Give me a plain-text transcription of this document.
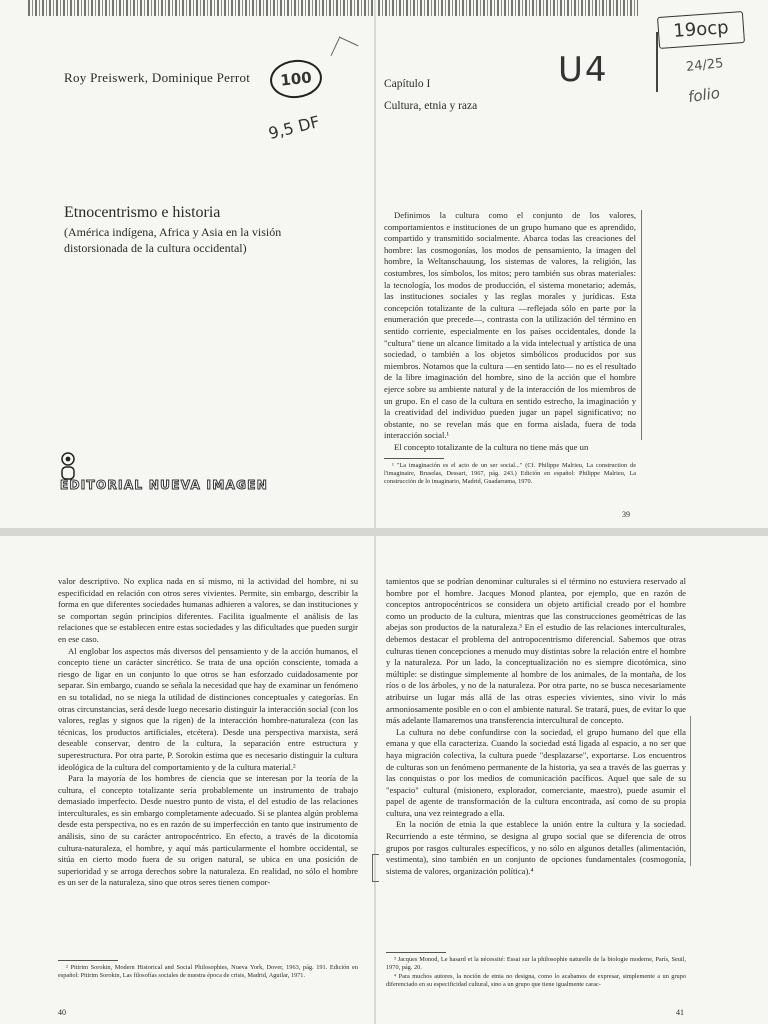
19ocp
24/25
folio
Roy Preiswerk, Dominique Perrot	100
9,5 DF
Etnocentrismo e historia
(América indígena, Africa y Asia en la visión distorsionada de la cultura occidental)
EDITORIAL NUEVA IMAGEN
U4
Capítulo I
Cultura, etnia y raza

Definimos la cultura como el conjunto de los valores, comportamientos e instituciones de un grupo humano que es aprendido, compartido y transmitido socialmente. Abarca todas las creaciones del hombre: las cosmogonías, los modos de pensamiento, la imagen del hombre, la Weltanschauung, los sistemas de valores, la religión, las costumbres, los símbolos, los mitos; pero también sus obras materiales: la tecnología, los modos de producción, el sistema monetario; además, las instituciones sociales y las reglas morales y jurídicas. Esta concepción totalizante de la cultura —reflejada sólo en parte por la enumeración que precede—, contrasta con la utilización del término en sentido corriente, especialmente en los países occidentales, donde la "cultura" tiene un alcance limitado a la vida intelectual y artística de una sociedad, o también a los objetos simbólicos producidos por sus miembros. Notamos que la cultura —en sentido lato— no es el resultado de la libre imaginación del hombre, sino de la acción que el hombre ejerce sobre su ambiente natural y de la interacción de los miembros de un grupo. En el caso de la cultura en sentido estrecho, la imaginación y la creatividad del individuo pueden jugar un papel significativo; no obstante, no se revelan más que en forma aislada, fuera de toda interacción social.¹

El concepto totalizante de la cultura no tiene más que un

¹ "La imaginación es el acto de un ser social..." (Cf. Philippe Malrieu, La construction de l'imaginaire, Bruselas, Dessart, 1967, pág. 243.) Edición en español: Philippe Malrieu, La construcción de lo imaginario, Madrid, Guadarrama, 1970.

39

valor descriptivo. No explica nada en sí mismo, ni la actividad del hombre, ni su especificidad en relación con otros seres vivientes. Permite, sin embargo, describir la forma en que diferentes sociedades humanas adhieren a valores, se dan instituciones y se comportan según principios diferentes. Facilita igualmente el análisis de las relaciones que se establecen entre estas sociedades y las dificultades que pueden surgir en ese caso.

Al englobar los aspectos más diversos del pensamiento y de la acción humanos, el concepto tiene un carácter sincrético. Se trata de una opción consciente, tomada a riesgo de ligar en un conjunto lo que otros se han esforzado cuidadosamente por separar. Sin embargo, cuando se señala la necesidad que hay de examinar un fenómeno en su totalidad, no se niega la utilidad de distinciones conceptuales y categorías. En otras circunstancias, será desde luego necesario distinguir la interacción social (con los valores, reglas y signos que la rigen) de la interacción hombre-naturaleza (con las técnicas, los productos artificiales, etcétera). Desde una perspectiva marxista, será deseable conservar, dentro de la cultura, la separación entre estructura y superestructura. Por otra parte, P. Sorokin estima que es necesario distinguir la cultura ideológica de la cultura del comportamiento y de la cultura material.²

Para la mayoría de los hombres de ciencia que se interesan por la teoría de la cultura, el concepto totalizante sería probablemente un instrumento de trabajo demasiado imperfecto. Desde nuestro punto de vista, el del estudio de las relaciones interculturales, es sin embargo completamente adecuado. Si se plantea algún problema desde esta perspectiva, no es en razón de su imperfección en tanto que instrumento de análisis, sino de su carácter antropocéntrico. En efecto, a través de la dicotomía cultura-naturaleza, el hombre, y aquí más particularmente el hombre occidental, se sitúa en cierto modo fuera de su origen natural, se ubica en una posición de superioridad y se arroga derechos sobre la naturaleza. En realidad, no sólo el hombre es un ser de la naturaleza, sino que otros seres tienen compor-

² Pitirim Sorokin, Modern Historical and Social Philosophies, Nueva York, Dover, 1963, pág. 191. Edición en español: Pitirim Sorokin, Las filosofías sociales de nuestra época de crisis, Madrid, Aguilar, 1971.

40

tamientos que se podrían denominar culturales si el término no estuviera reservado al hombre por el hombre. Jacques Monod plantea, por ejemplo, que en razón de conceptos antropocéntricos se considera un objeto artificial creado por el hombre como un producto de la cultura, mientras que las construcciones geométricas de las abejas son productos de la naturaleza.³ En el estudio de las relaciones interculturales, debemos destacar el problema del antropocentrismo diferencial. Sabemos que otras culturas tienen concepciones a menudo muy distintas sobre la relación entre el hombre y la naturaleza. Por un lado, la conceptualización no es siempre dicotómica, sino múltiple: se distingue simplemente al hombre de los animales, de la montaña, de los ríos o de los árboles, y no de la naturaleza. Por otra parte, no se busca necesariamente atribuirse un lugar más allá de las otras especies vivientes, sino vivir lo más armoniosamente posible en o con el ambiente natural. Se tratará, pues, de evitar lo que más adelante llamaremos una transferencia intercultural de concepto.

La cultura no debe confundirse con la sociedad, el grupo humano del que ella emana y que ella caracteriza. Cuando la sociedad está ligada al espacio, a no ser que haya migración colectiva, la cultura puede "desplazarse", exportarse. Los encuentros de culturas son un fenómeno permanente de la historia, ya sea a través de las guerras y las conquistas o por los medios de comunicación pacíficos. Aquel que sale de su "espacio" cultural (misionero, explorador, comerciante, maestro), puede asumir el papel de agente de transformación de la cultura encontrada, así como de su propia cultura, una vez reintegrado a ella.

En la noción de etnia la que establece la unión entre la cultura y la sociedad. Recurriendo a este término, se designa al grupo social que se diferencia de otros grupos por rasgos culturales específicos, y no sólo en algunos detalles (alimentación, vestimenta), sino también en un conjunto de opciones fundamentales (cosmogonía, sistema de valores, organización política).⁴

³ Jacques Monod, Le hasard et la nécessité: Essai sur la philosophie naturelle de la biologie moderne, París, Seuil, 1970, pág. 20.

⁴ Para muchos autores, la noción de etnia no designa, como lo acabamos de expresar, simplemente a un grupo diferenciado en su especificidad cultural, sino a un grupo que tiene igualmente carac-

41
